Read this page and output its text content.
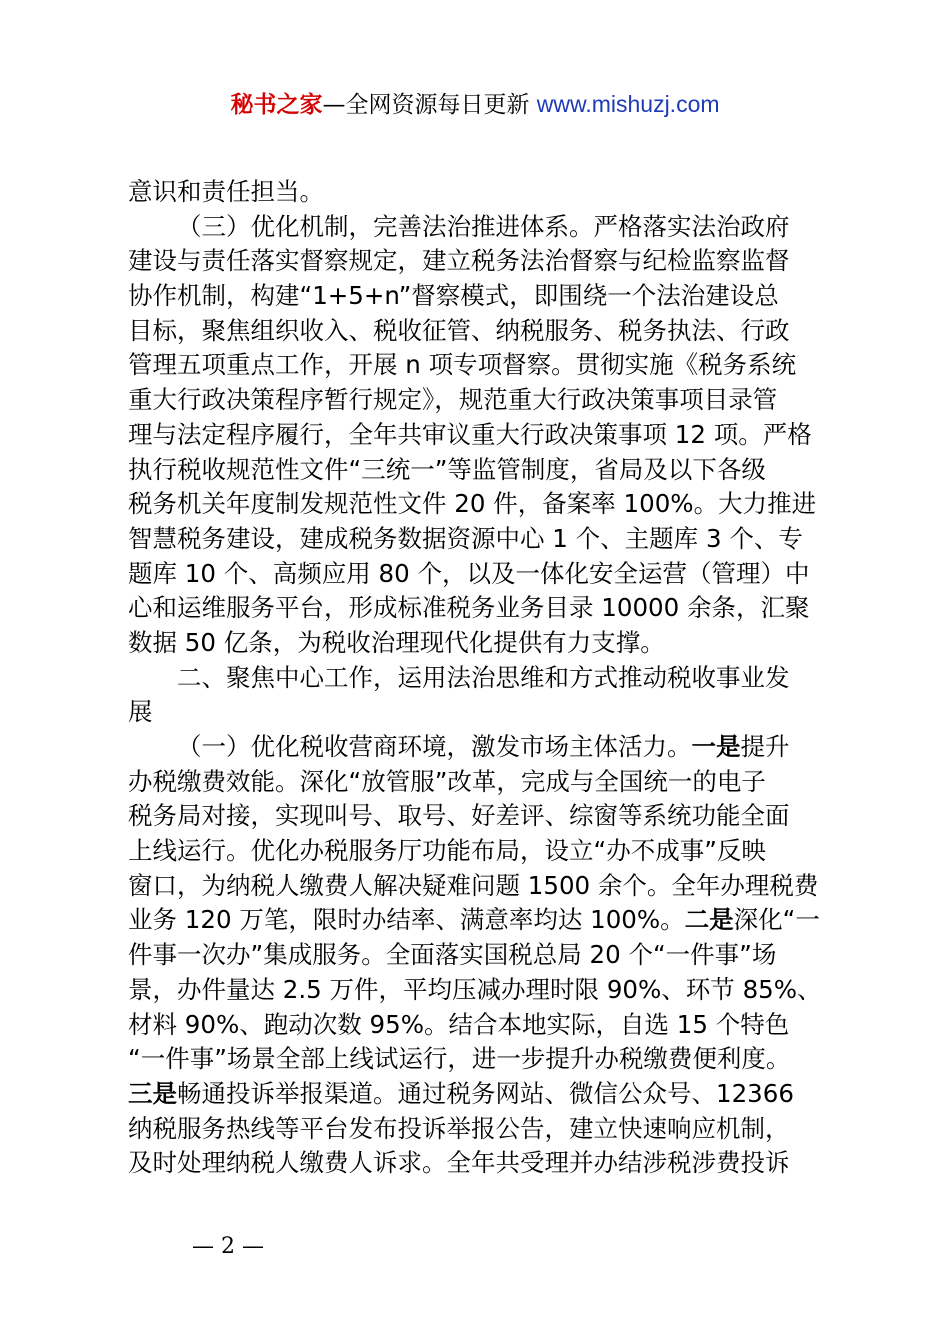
秘书之家—全网资源每日更新 www.mishuzj.com
意识和责任担当。
（三）优化机制，完善法治推进体系。严格落实法治政府
建设与责任落实督察规定，建立税务法治督察与纪检监察监督
协作机制，构建“1+5+n”督察模式，即围绕一个法治建设总
目标，聚焦组织收入、税收征管、纳税服务、税务执法、行政
管理五项重点工作，开展 n 项专项督察。贯彻实施《税务系统
重大行政决策程序暂行规定》，规范重大行政决策事项目录管
理与法定程序履行，全年共审议重大行政决策事项 12 项。严格
执行税收规范性文件“三统一”等监管制度，省局及以下各级
税务机关年度制发规范性文件 20 件，备案率 100%。大力推进
智慧税务建设，建成税务数据资源中心 1 个、主题库 3 个、专
题库 10 个、高频应用 80 个，以及一体化安全运营（管理）中
心和运维服务平台，形成标准税务业务目录 10000 余条，汇聚
数据 50 亿条，为税收治理现代化提供有力支撑。
二、聚焦中心工作，运用法治思维和方式推动税收事业发
展
（一）优化税收营商环境，激发市场主体活力。一是提升
办税缴费效能。深化“放管服”改革，完成与全国统一的电子
税务局对接，实现叫号、取号、好差评、综窗等系统功能全面
上线运行。优化办税服务厅功能布局，设立“办不成事”反映
窗口，为纳税人缴费人解决疑难问题 1500 余个。全年办理税费
业务 120 万笔，限时办结率、满意率均达 100%。二是深化“一
件事一次办”集成服务。全面落实国税总局 20 个“一件事”场
景，办件量达 2.5 万件，平均压减办理时限 90%、环节 85%、
材料 90%、跑动次数 95%。结合本地实际，自选 15 个特色
“一件事”场景全部上线试运行，进一步提升办税缴费便利度。
三是畅通投诉举报渠道。通过税务网站、微信公众号、12366
纳税服务热线等平台发布投诉举报公告，建立快速响应机制，
及时处理纳税人缴费人诉求。全年共受理并办结涉税涉费投诉
— 2 —
